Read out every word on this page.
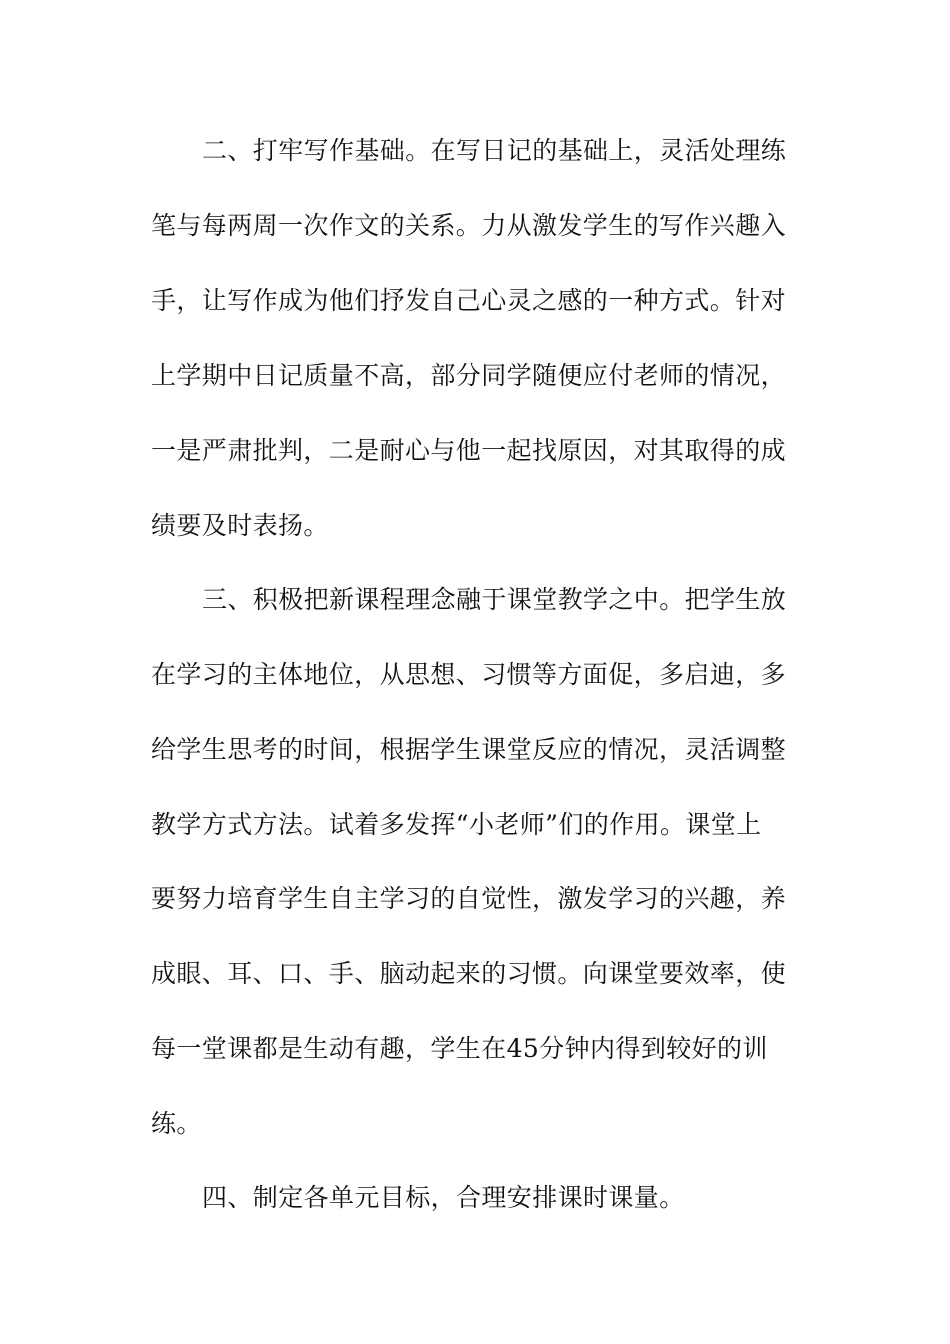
二、打牢写作基础。在写日记的基础上，灵活处理练
笔与每两周一次作文的关系。力从激发学生的写作兴趣入
手，让写作成为他们抒发自己心灵之感的一种方式。针对
上学期中日记质量不高，部分同学随便应付老师的情况，
一是严肃批判，二是耐心与他一起找原因，对其取得的成
绩要及时表扬。
三、积极把新课程理念融于课堂教学之中。把学生放
在学习的主体地位，从思想、习惯等方面促，多启迪，多
给学生思考的时间，根据学生课堂反应的情况，灵活调整
教学方式方法。试着多发挥“小老师”们的作用。课堂上
要努力培育学生自主学习的自觉性，激发学习的兴趣，养
成眼、耳、口、手、脑动起来的习惯。向课堂要效率，使
每一堂课都是生动有趣，学生在45分钟内得到较好的训
练。
四、制定各单元目标，合理安排课时课量。
